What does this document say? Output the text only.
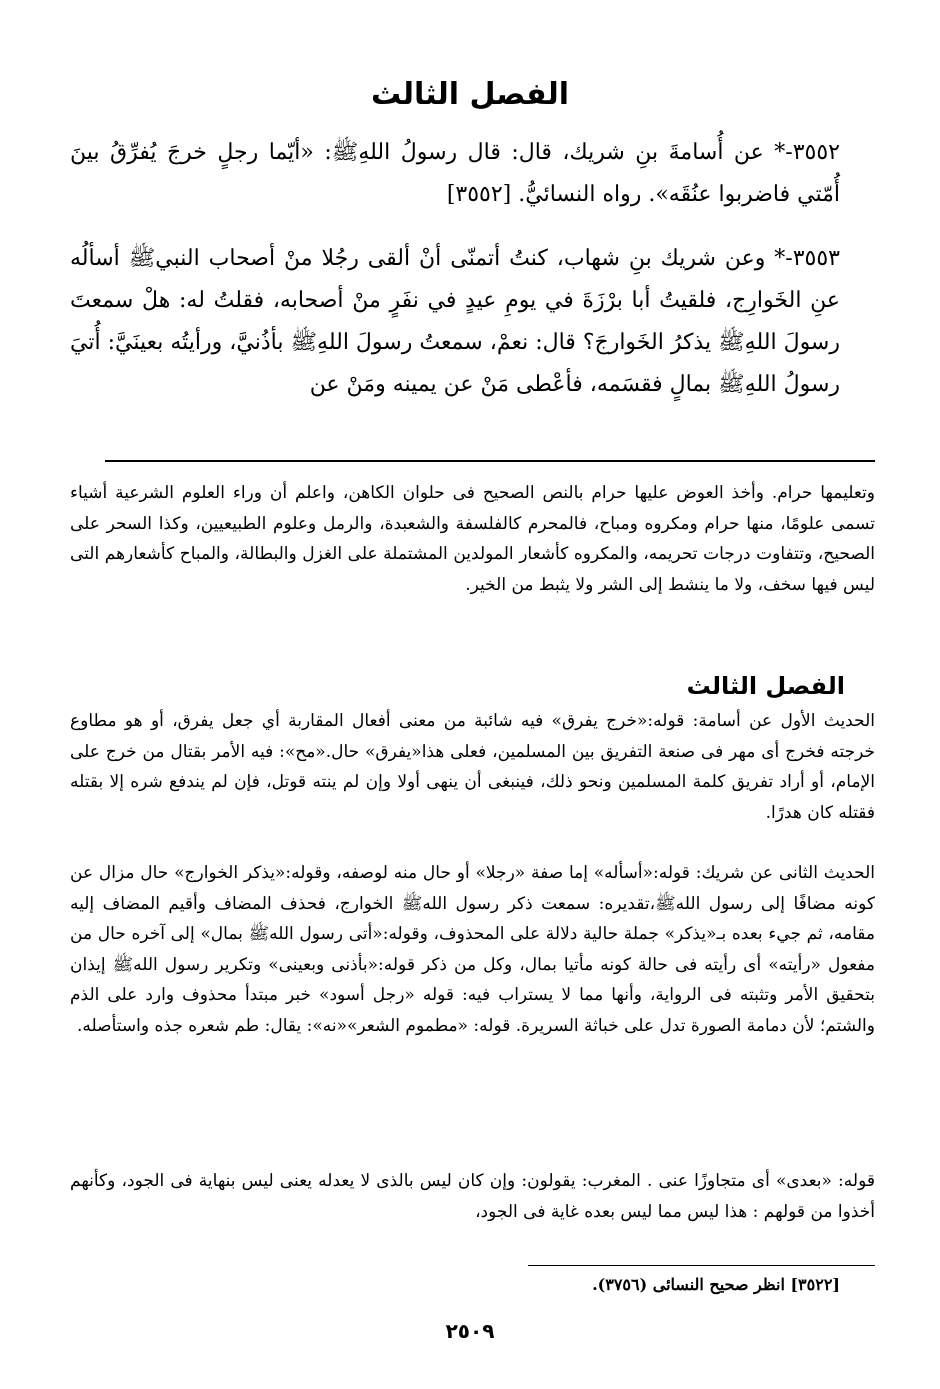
الفصل الثالث

٣٥٥٢-* عن أُسامةَ بنِ شريك، قال: قال رسولُ اللهِﷺ: «أيّما رجلٍ خرجَ يُفرِّقُ بينَ أُمّتي فاضربوا عنُقَه». رواه النسائيُّ. [٣٥٥٢]

٣٥٥٣-* وعن شريك بنِ شهاب، كنتُ أتمنّى أنْ ألقى رجُلا منْ أصحاب النبيﷺ أسألُه عنِ الخَوارِج، فلقيتُ أبا برْزَةَ في يومِ عيدٍ في نفَرٍ منْ أصحابه، فقلتُ له: هلْ سمعتَ رسولَ اللهِﷺ يذكرُ الخَوارجَ؟ قال: نعمْ، سمعتُ رسولَ اللهِﷺ بأذُنيَّ، ورأيتُه بعينَيَّ: أُتيَ رسولُ اللهِﷺ بمالٍ فقسَمه، فأعْطى مَنْ عن يمينه ومَنْ عن

وتعليمها حرام. وأخذ العوض عليها حرام بالنص الصحيح فى حلوان الكاهن، واعلم أن وراء العلوم الشرعية أشياء تسمى علومًا، منها حرام ومكروه ومباح، فالمحرم كالفلسفة والشعبدة، والرمل وعلوم الطبيعيين، وكذا السحر على الصحيح، وتتفاوت درجات تحريمه، والمكروه كأشعار المولدين المشتملة على الغزل والبطالة، والمباح كأشعارهم التى ليس فيها سخف، ولا ما ينشط إلى الشر ولا يثبط من الخير.

الفصل الثالث

الحديث الأول عن أسامة: قوله:«خرج يفرق» فيه شائبة من معنى أفعال المقاربة أي جعل يفرق، أو هو مطاوع خرجته فخرج أى مهر فى صنعة التفريق بين المسلمين، فعلى هذا«يفرق» حال.«مح»: فيه الأمر بقتال من خرج على الإمام، أو أراد تفريق كلمة المسلمين ونحو ذلك، فينبغى أن ينهى أولا وإن لم ينته قوتل، فإن لم يندفع شره إلا بقتله فقتله كان هدرًا.

الحديث الثانى عن شريك: قوله:«أسأله» إما صفة «رجلا» أو حال منه لوصفه، وقوله:«يذكر الخوارج» حال مزال عن كونه مضافًا إلى رسول اللهﷺ،تقديره: سمعت ذكر رسول اللهﷺ الخوارج، فحذف المضاف وأقيم المضاف إليه مقامه، ثم جيء بعده بـ«يذكر» جملة حالية دلالة على المحذوف، وقوله:«أتى رسول اللهﷺ بمال» إلى آخره حال من مفعول «رأيته» أى رأيته فى حالة كونه مأتيا بمال، وكل من ذكر قوله:«بأذنى وبعينى» وتكرير رسول اللهﷺ إيذان بتحقيق الأمر وتثبته فى الرواية، وأنها مما لا يستراب فيه: قوله «رجل أسود» خبر مبتدأ محذوف وارد على الذم والشتم؛ لأن دمامة الصورة تدل على خباثة السريرة. قوله: «مطموم الشعر»«نه»: يقال: طم شعره جذه واستأصله.

قوله: «بعدى» أى متجاوزًا عنى . المغرب: يقولون: وإن كان ليس بالذى لا يعدله يعنى ليس بنهاية فى الجود، وكأنهم أخذوا من قولهم : هذا ليس مما ليس بعده غاية فى الجود،

[٣٥٢٢] انظر صحيح النسائى (٣٧٥٦).
٢٥٠٩
